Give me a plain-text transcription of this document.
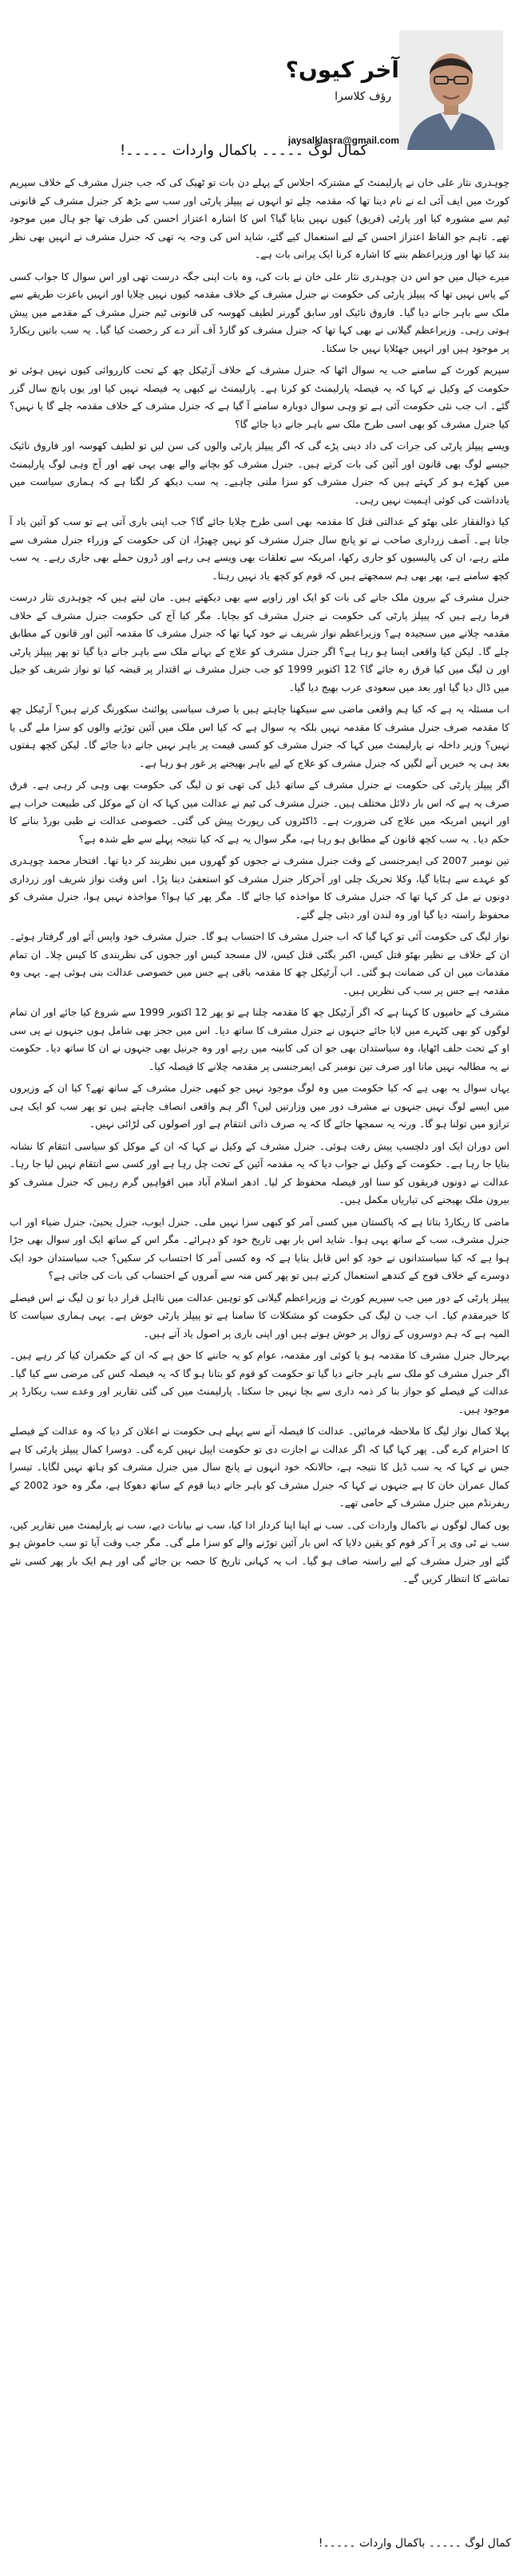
آخر کیوں؟
رؤف کلاسرا
jaysalklasra@gmail.com
کمال لوگ ۔۔۔۔۔ باکمال واردات ۔۔۔۔۔!

چوہدری نثار علی خان نے پارلیمنٹ کے مشترکہ اجلاس کے پہلے دن بات تو ٹھیک کی کہ جب جنرل مشرف کے خلاف سپریم کورٹ میں ایف آئی اے نے نام دینا تھا کہ مقدمہ چلے تو انہوں نے پیپلز پارٹی اور سب سے بڑھ کر جنرل مشرف کے قانونی ٹیم سے مشورہ کیا اور پارٹی (فریق) کیوں نہیں بنایا گیا؟ اس کا اشارہ اعتزاز احسن کی طرف تھا جو ہال میں موجود تھے۔ تاہم جو الفاظ اعتزاز احسن کے لیے استعمال کیے گئے، شاید اس کی وجہ یہ تھی کہ جنرل مشرف نے انہیں بھی نظر بند کیا تھا اور وزیراعظم بننے کا اشارہ کرنا ایک پرانی بات ہے۔

میرے خیال میں جو اس دن چوہدری نثار علی خان نے بات کی، وہ بات اپنی جگہ درست تھی اور اس سوال کا جواب کسی کے پاس نہیں تھا کہ پیپلز پارٹی کی حکومت نے جنرل مشرف کے خلاف مقدمہ کیوں نہیں چلایا اور انہیں باعزت طریقے سے ملک سے باہر جانے دیا گیا۔ فاروق نائیک اور سابق گورنر لطیف کھوسہ کی قانونی ٹیم جنرل مشرف کے مقدمے میں پیش ہوتی رہی۔ وزیراعظم گیلانی نے بھی کہا تھا کہ جنرل مشرف کو گارڈ آف آنر دے کر رخصت کیا گیا۔ یہ سب باتیں ریکارڈ پر موجود ہیں اور انہیں جھٹلایا نہیں جا سکتا۔

سپریم کورٹ کے سامنے جب یہ سوال اٹھا کہ جنرل مشرف کے خلاف آرٹیکل چھ کے تحت کارروائی کیوں نہیں ہوئی تو حکومت کے وکیل نے کہا کہ یہ فیصلہ پارلیمنٹ کو کرنا ہے۔ پارلیمنٹ نے کبھی یہ فیصلہ نہیں کیا اور یوں پانچ سال گزر گئے۔ اب جب نئی حکومت آئی ہے تو وہی سوال دوبارہ سامنے آ گیا ہے کہ جنرل مشرف کے خلاف مقدمہ چلے گا یا نہیں؟ کیا جنرل مشرف کو بھی اسی طرح ملک سے باہر جانے دیا جائے گا؟

ویسے پیپلز پارٹی کی جرات کی داد دینی پڑے گی کہ اگر پیپلز پارٹی والوں کی سن لیں تو لطیف کھوسہ اور فاروق نائیک جیسے لوگ بھی قانون اور آئین کی بات کرتے ہیں۔ جنرل مشرف کو بچانے والے بھی یہی تھے اور آج وہی لوگ پارلیمنٹ میں کھڑے ہو کر کہتے ہیں کہ جنرل مشرف کو سزا ملنی چاہیے۔ یہ سب دیکھ کر لگتا ہے کہ ہماری سیاست میں یادداشت کی کوئی اہمیت نہیں رہی۔

کیا ذوالفقار علی بھٹو کے عدالتی قتل کا مقدمہ بھی اسی طرح چلایا جائے گا؟ جب اپنی باری آتی ہے تو سب کو آئین یاد آ جاتا ہے۔ آصف زرداری صاحب نے تو پانچ سال جنرل مشرف کو نہیں چھیڑا، ان کی حکومت کے وزراء جنرل مشرف سے ملتے رہے، ان کی پالیسیوں کو جاری رکھا، امریکہ سے تعلقات بھی ویسے ہی رہے اور ڈرون حملے بھی جاری رہے۔ یہ سب کچھ سامنے ہے، پھر بھی ہم سمجھتے ہیں کہ قوم کو کچھ یاد نہیں رہتا۔

جنرل مشرف کے بیرون ملک جانے کی بات کو ایک اور زاویے سے بھی دیکھتے ہیں۔ مان لیتے ہیں کہ چوہدری نثار درست فرما رہے ہیں کہ پیپلز پارٹی کی حکومت نے جنرل مشرف کو بچایا۔ مگر کیا آج کی حکومت جنرل مشرف کے خلاف مقدمہ چلانے میں سنجیدہ ہے؟ وزیراعظم نواز شریف نے خود کہا تھا کہ جنرل مشرف کا مقدمہ آئین اور قانون کے مطابق چلے گا۔ لیکن کیا واقعی ایسا ہو رہا ہے؟ اگر جنرل مشرف کو علاج کے بہانے ملک سے باہر جانے دیا گیا تو پھر پیپلز پارٹی اور ن لیگ میں کیا فرق رہ جائے گا؟ 12 اکتوبر 1999 کو جب جنرل مشرف نے اقتدار پر قبضہ کیا تو نواز شریف کو جیل میں ڈال دیا گیا اور بعد میں سعودی عرب بھیج دیا گیا۔

اب مسئلہ یہ ہے کہ کیا ہم واقعی ماضی سے سیکھنا چاہتے ہیں یا صرف سیاسی پوائنٹ سکورنگ کرتے ہیں؟ آرٹیکل چھ کا مقدمہ صرف جنرل مشرف کا مقدمہ نہیں بلکہ یہ سوال ہے کہ کیا اس ملک میں آئین توڑنے والوں کو سزا ملے گی یا نہیں؟ وزیر داخلہ نے پارلیمنٹ میں کہا کہ جنرل مشرف کو کسی قیمت پر باہر نہیں جانے دیا جائے گا۔ لیکن کچھ ہفتوں بعد ہی یہ خبریں آنے لگیں کہ جنرل مشرف کو علاج کے لیے باہر بھیجنے پر غور ہو رہا ہے۔

اگر پیپلز پارٹی کی حکومت نے جنرل مشرف کے ساتھ ڈیل کی تھی تو ن لیگ کی حکومت بھی وہی کر رہی ہے۔ فرق صرف یہ ہے کہ اس بار دلائل مختلف ہیں۔ جنرل مشرف کی ٹیم نے عدالت میں کہا کہ ان کے موکل کی طبیعت خراب ہے اور انہیں امریکہ میں علاج کی ضرورت ہے۔ ڈاکٹروں کی رپورٹ پیش کی گئی۔ خصوصی عدالت نے طبی بورڈ بنانے کا حکم دیا۔ یہ سب کچھ قانون کے مطابق ہو رہا ہے، مگر سوال یہ ہے کہ کیا نتیجہ پہلے سے طے شدہ ہے؟

تین نومبر 2007 کی ایمرجنسی کے وقت جنرل مشرف نے ججوں کو گھروں میں نظربند کر دیا تھا۔ افتخار محمد چوہدری کو عہدے سے ہٹایا گیا، وکلا تحریک چلی اور آخرکار جنرل مشرف کو استعفیٰ دینا پڑا۔ اس وقت نواز شریف اور زرداری دونوں نے مل کر کہا تھا کہ جنرل مشرف کا مواخذہ کیا جائے گا۔ مگر پھر کیا ہوا؟ مواخذہ نہیں ہوا، جنرل مشرف کو محفوظ راستہ دیا گیا اور وہ لندن اور دبئی چلے گئے۔

نواز لیگ کی حکومت آئی تو کہا گیا کہ اب جنرل مشرف کا احتساب ہو گا۔ جنرل مشرف خود واپس آئے اور گرفتار ہوئے۔ ان کے خلاف بے نظیر بھٹو قتل کیس، اکبر بگٹی قتل کیس، لال مسجد کیس اور ججوں کی نظربندی کا کیس چلا۔ ان تمام مقدمات میں ان کی ضمانت ہو گئی۔ اب آرٹیکل چھ کا مقدمہ باقی ہے جس میں خصوصی عدالت بنی ہوئی ہے۔ یہی وہ مقدمہ ہے جس پر سب کی نظریں ہیں۔

مشرف کے حامیوں کا کہنا ہے کہ اگر آرٹیکل چھ کا مقدمہ چلنا ہے تو پھر 12 اکتوبر 1999 سے شروع کیا جائے اور ان تمام لوگوں کو بھی کٹہرے میں لایا جائے جنہوں نے جنرل مشرف کا ساتھ دیا۔ اس میں ججز بھی شامل ہوں جنہوں نے پی سی او کے تحت حلف اٹھایا، وہ سیاستدان بھی جو ان کی کابینہ میں رہے اور وہ جرنیل بھی جنہوں نے ان کا ساتھ دیا۔ حکومت نے یہ مطالبہ نہیں مانا اور صرف تین نومبر کی ایمرجنسی پر مقدمہ چلانے کا فیصلہ کیا۔

یہاں سوال یہ بھی ہے کہ کیا حکومت میں وہ لوگ موجود نہیں جو کبھی جنرل مشرف کے ساتھ تھے؟ کیا ان کے وزیروں میں ایسے لوگ نہیں جنہوں نے مشرف دور میں وزارتیں لیں؟ اگر ہم واقعی انصاف چاہتے ہیں تو پھر سب کو ایک ہی ترازو میں تولنا ہو گا۔ ورنہ یہ سمجھا جائے گا کہ یہ صرف ذاتی انتقام ہے اور اصولوں کی لڑائی نہیں۔

اس دوران ایک اور دلچسپ پیش رفت ہوئی۔ جنرل مشرف کے وکیل نے کہا کہ ان کے موکل کو سیاسی انتقام کا نشانہ بنایا جا رہا ہے۔ حکومت کے وکیل نے جواب دیا کہ یہ مقدمہ آئین کے تحت چل رہا ہے اور کسی سے انتقام نہیں لیا جا رہا۔ عدالت نے دونوں فریقوں کو سنا اور فیصلہ محفوظ کر لیا۔ ادھر اسلام آباد میں افواہیں گرم رہیں کہ جنرل مشرف کو بیرون ملک بھیجنے کی تیاریاں مکمل ہیں۔

ماضی کا ریکارڈ بتاتا ہے کہ پاکستان میں کسی آمر کو کبھی سزا نہیں ملی۔ جنرل ایوب، جنرل یحییٰ، جنرل ضیاء اور اب جنرل مشرف، سب کے ساتھ یہی ہوا۔ شاید اس بار بھی تاریخ خود کو دہرائے۔ مگر اس کے ساتھ ایک اور سوال بھی جڑا ہوا ہے کہ کیا سیاستدانوں نے خود کو اس قابل بنایا ہے کہ وہ کسی آمر کا احتساب کر سکیں؟ جب سیاستدان خود ایک دوسرے کے خلاف فوج کے کندھے استعمال کرتے ہیں تو پھر کس منہ سے آمروں کے احتساب کی بات کی جاتی ہے؟

پیپلز پارٹی کے دور میں جب سپریم کورٹ نے وزیراعظم گیلانی کو توہین عدالت میں نااہل قرار دیا تو ن لیگ نے اس فیصلے کا خیرمقدم کیا۔ اب جب ن لیگ کی حکومت کو مشکلات کا سامنا ہے تو پیپلز پارٹی خوش ہے۔ یہی ہماری سیاست کا المیہ ہے کہ ہم دوسروں کے زوال پر خوش ہوتے ہیں اور اپنی باری پر اصول یاد آتے ہیں۔

بہرحال جنرل مشرف کا مقدمہ ہو یا کوئی اور مقدمہ، عوام کو یہ جاننے کا حق ہے کہ ان کے حکمران کیا کر رہے ہیں۔ اگر جنرل مشرف کو ملک سے باہر جانے دیا گیا تو حکومت کو قوم کو بتانا ہو گا کہ یہ فیصلہ کس کی مرضی سے کیا گیا۔ عدالت کے فیصلے کو جواز بنا کر ذمہ داری سے بچا نہیں جا سکتا۔ پارلیمنٹ میں کی گئی تقاریر اور وعدے سب ریکارڈ پر موجود ہیں۔

پہلا کمال نواز لیگ کا ملاحظہ فرمائیں۔ عدالت کا فیصلہ آنے سے پہلے ہی حکومت نے اعلان کر دیا کہ وہ عدالت کے فیصلے کا احترام کرے گی۔ پھر کہا گیا کہ اگر عدالت نے اجازت دی تو حکومت اپیل نہیں کرے گی۔ دوسرا کمال پیپلز پارٹی کا ہے جس نے کہا کہ یہ سب ڈیل کا نتیجہ ہے، حالانکہ خود انہوں نے پانچ سال میں جنرل مشرف کو ہاتھ نہیں لگایا۔ تیسرا کمال عمران خان کا ہے جنہوں نے کہا کہ جنرل مشرف کو باہر جانے دینا قوم کے ساتھ دھوکا ہے، مگر وہ خود 2002 کے ریفرنڈم میں جنرل مشرف کے حامی تھے۔

یوں کمال لوگوں نے باکمال واردات کی۔ سب نے اپنا اپنا کردار ادا کیا، سب نے بیانات دیے، سب نے پارلیمنٹ میں تقاریر کیں، سب نے ٹی وی پر آ کر قوم کو یقین دلایا کہ اس بار آئین توڑنے والے کو سزا ملے گی۔ مگر جب وقت آیا تو سب خاموش ہو گئے اور جنرل مشرف کے لیے راستہ صاف ہو گیا۔ اب یہ کہانی تاریخ کا حصہ بن جائے گی اور ہم ایک بار پھر کسی نئے تماشے کا انتظار کریں گے۔

کمال لوگ ۔۔۔۔۔ باکمال واردات ۔۔۔۔۔!
